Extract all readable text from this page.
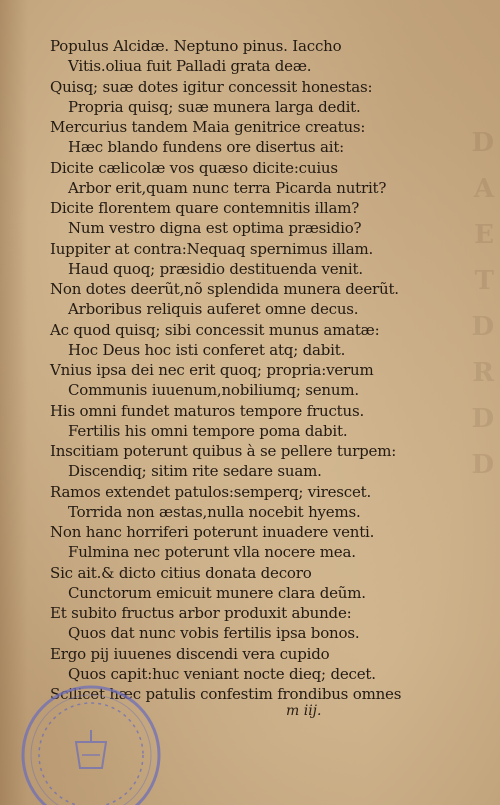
D
A
E
T
D
R
D
D
Populus Alcidæ. Neptuno pinus. Iaccho
Vitis.oliua fuit Palladi grata deæ.
Quisq; suæ dotes igitur concessit honestas:
Propria quisq; suæ munera larga dedit.
Mercurius tandem Maia genitrice creatus:
Hæc blando fundens ore disertus ait:
Dicite cælicolæ vos quæso dicite:cuius
Arbor erit,quam nunc terra Picarda nutrit?
Dicite florentem quare contemnitis illam?
Num vestro digna est optima præsidio?
Iuppiter at contra:Nequaq spernimus illam.
Haud quoq; præsidio destituenda venit.
Non dotes deerũt,nõ splendida munera deerũt.
Arboribus reliquis auferet omne decus.
Ac quod quisq; sibi concessit munus amatæ:
Hoc Deus hoc isti conferet atq; dabit.
Vnius ipsa dei nec erit quoq; propria:verum
Communis iuuenum,nobiliumq; senum.
His omni fundet maturos tempore fructus.
Fertilis his omni tempore poma dabit.
Inscitiam poterunt quibus à se pellere turpem:
Discendiq; sitim rite sedare suam.
Ramos extendet patulos:semperq; virescet.
Torrida non æstas,nulla nocebit hyems.
Non hanc horriferi poterunt inuadere venti.
Fulmina nec poterunt vlla nocere mea.
Sic ait.& dicto citius donata decoro
Cunctorum emicuit munere clara deũm.
Et subito fructus arbor produxit abunde:
Quos dat nunc vobis fertilis ipsa bonos.
Ergo pij iuuenes discendi vera cupido
Quos capit:huc veniant nocte dieq; decet.
Scilicet hæc patulis confestim frondibus omnes
m iij.
